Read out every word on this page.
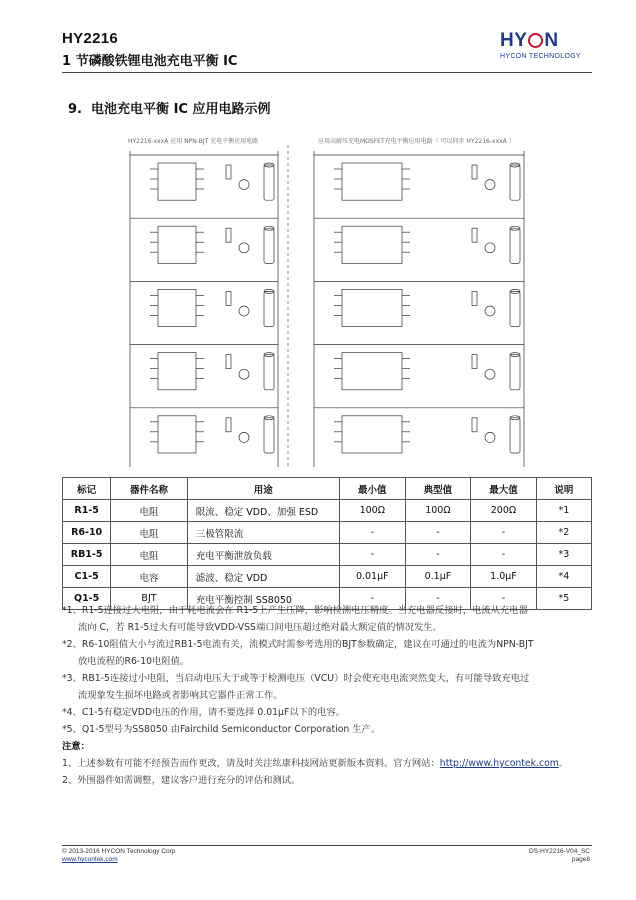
HY2216
1 节磷酸铁锂电池充电平衡 IC
HY N
HYCON TECHNOLOGY
9. 电池充电平衡 IC 应用电路示例
HY2216-xxxA 应用 NPN-BJT 充电平衡应用电路	应用高耐压充电MOSFET充电平衡应用电路（ 可以同步 HY2216-xxxA ）
标记	器件名称	用途	最小值	典型值	最大值	说明
R1-5	电阻	限流、稳定 VDD、加强 ESD	100Ω	100Ω	200Ω	*1
R6-10	电阻	三极管限流	-	-	-	*2
RB1-5	电阻	充电平衡泄放负载	-	-	-	*3
C1-5	电容	滤波、稳定 VDD	0.01μF	0.1μF	1.0μF	*4
Q1-5	BJT	充电平衡控制 SS8050	-	-	-	*5

*1、R1-5连接过大电阻，由于耗电流会在 R1-5上产生压降，影响检测电压精度。当充电器反接时，电流从充电器

流向 C，若 R1-5过大有可能导致VDD-VSS端口间电压超过绝对最大额定值的情况发生。

*2、R6-10阻值大小与流过RB1-5电流有关，流模式时需参考选用的BJT参数确定，建议在可通过的电流为NPN-BJT

放电流程的R6-10电阻值。

*3、RB1-5连接过小电阻，当启动电压大于或等于检测电压（VCU）时会使充电电流突然变大，有可能导致充电过

流现象发生损坏电路或者影响其它器件正常工作。

*4、C1-5有稳定VDD电压的作用，请不要选择 0.01μF以下的电容。

*5、Q1-5型号为SS8050 由Fairchild Semiconductor Corporation 生产。

注意：

1、上述参数有可能不经预告而作更改，请及时关注纮康科技网站更新版本资料。官方网站：http://www.hycontek.com。

2、外围器件如需调整，建议客户进行充分的评估和测试。

© 2013-2016 HYCON Technology Corp
www.hycontek.com
DS-HY2216-V04_SC
page8
